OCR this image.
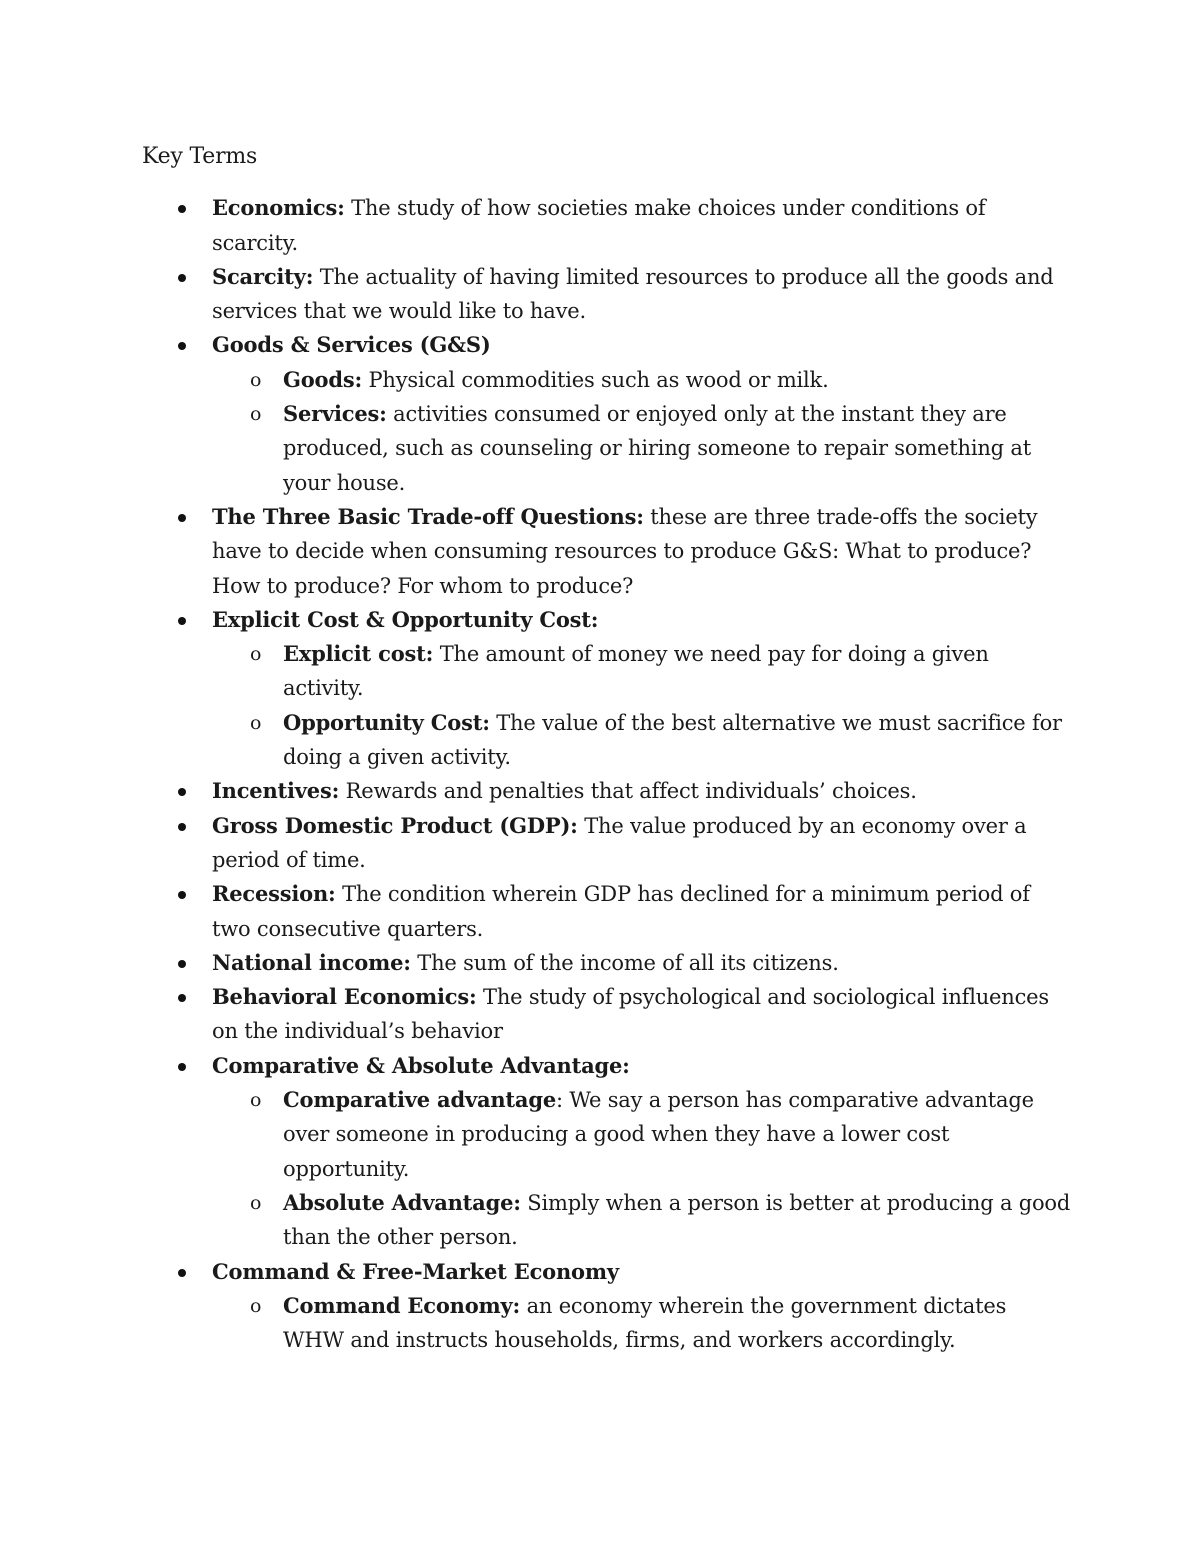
Key Terms
Economics: The study of how societies make choices under conditions of scarcity.
Scarcity: The actuality of having limited resources to produce all the goods and services that we would like to have.
Goods & Services (G&S)
o Goods: Physical commodities such as wood or milk.
o Services: activities consumed or enjoyed only at the instant they are produced, such as counseling or hiring someone to repair something at your house.
The Three Basic Trade-off Questions: these are three trade-offs the society have to decide when consuming resources to produce G&S: What to produce? How to produce? For whom to produce?
Explicit Cost & Opportunity Cost:
o Explicit cost: The amount of money we need pay for doing a given activity.
o Opportunity Cost: The value of the best alternative we must sacrifice for doing a given activity.
Incentives: Rewards and penalties that affect individuals’ choices.
Gross Domestic Product (GDP): The value produced by an economy over a period of time.
Recession: The condition wherein GDP has declined for a minimum period of two consecutive quarters.
National income: The sum of the income of all its citizens.
Behavioral Economics: The study of psychological and sociological influences on the individual’s behavior
Comparative & Absolute Advantage:
o Comparative advantage: We say a person has comparative advantage over someone in producing a good when they have a lower cost opportunity.
o Absolute Advantage: Simply when a person is better at producing a good than the other person.
Command & Free-Market Economy
o Command Economy: an economy wherein the government dictates WHW and instructs households, firms, and workers accordingly.
